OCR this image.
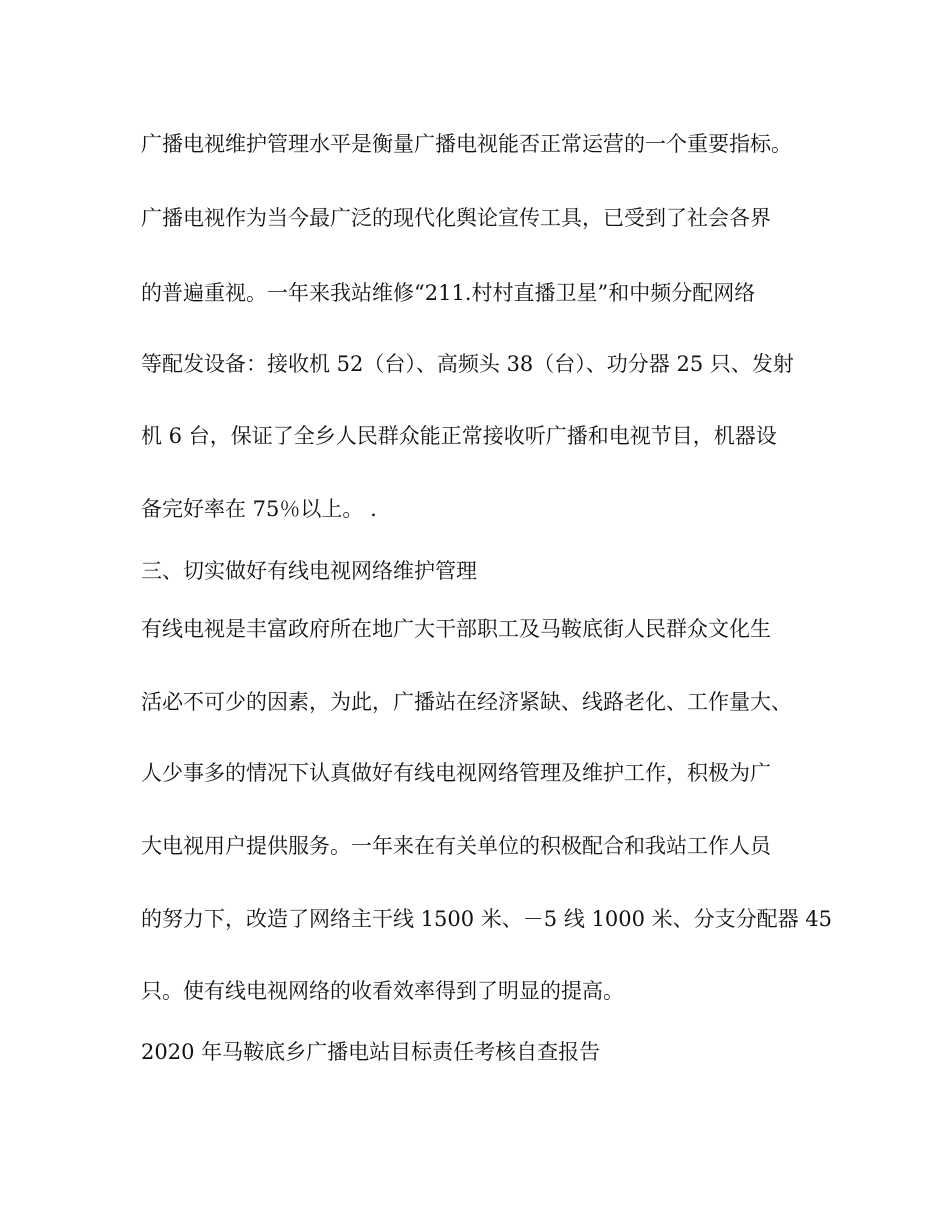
广播电视维护管理水平是衡量广播电视能否正常运营的一个重要指标。
广播电视作为当今最广泛的现代化舆论宣传工具，已受到了社会各界
的普遍重视。一年来我站维修“211.村村直播卫星”和中频分配网络
等配发设备：接收机 52（台）、高频头 38（台）、功分器 25 只、发射
机 6 台，保证了全乡人民群众能正常接收听广播和电视节目，机器设
备完好率在 75％以上。 .
三、切实做好有线电视网络维护管理
有线电视是丰富政府所在地广大干部职工及马鞍底街人民群众文化生
活必不可少的因素，为此，广播站在经济紧缺、线路老化、工作量大、
人少事多的情况下认真做好有线电视网络管理及维护工作，积极为广
大电视用户提供服务。一年来在有关单位的积极配合和我站工作人员
的努力下，改造了网络主干线 1500 米、－5 线 1000 米、分支分配器 45
只。使有线电视网络的收看效率得到了明显的提高。
2020 年马鞍底乡广播电站目标责任考核自查报告
